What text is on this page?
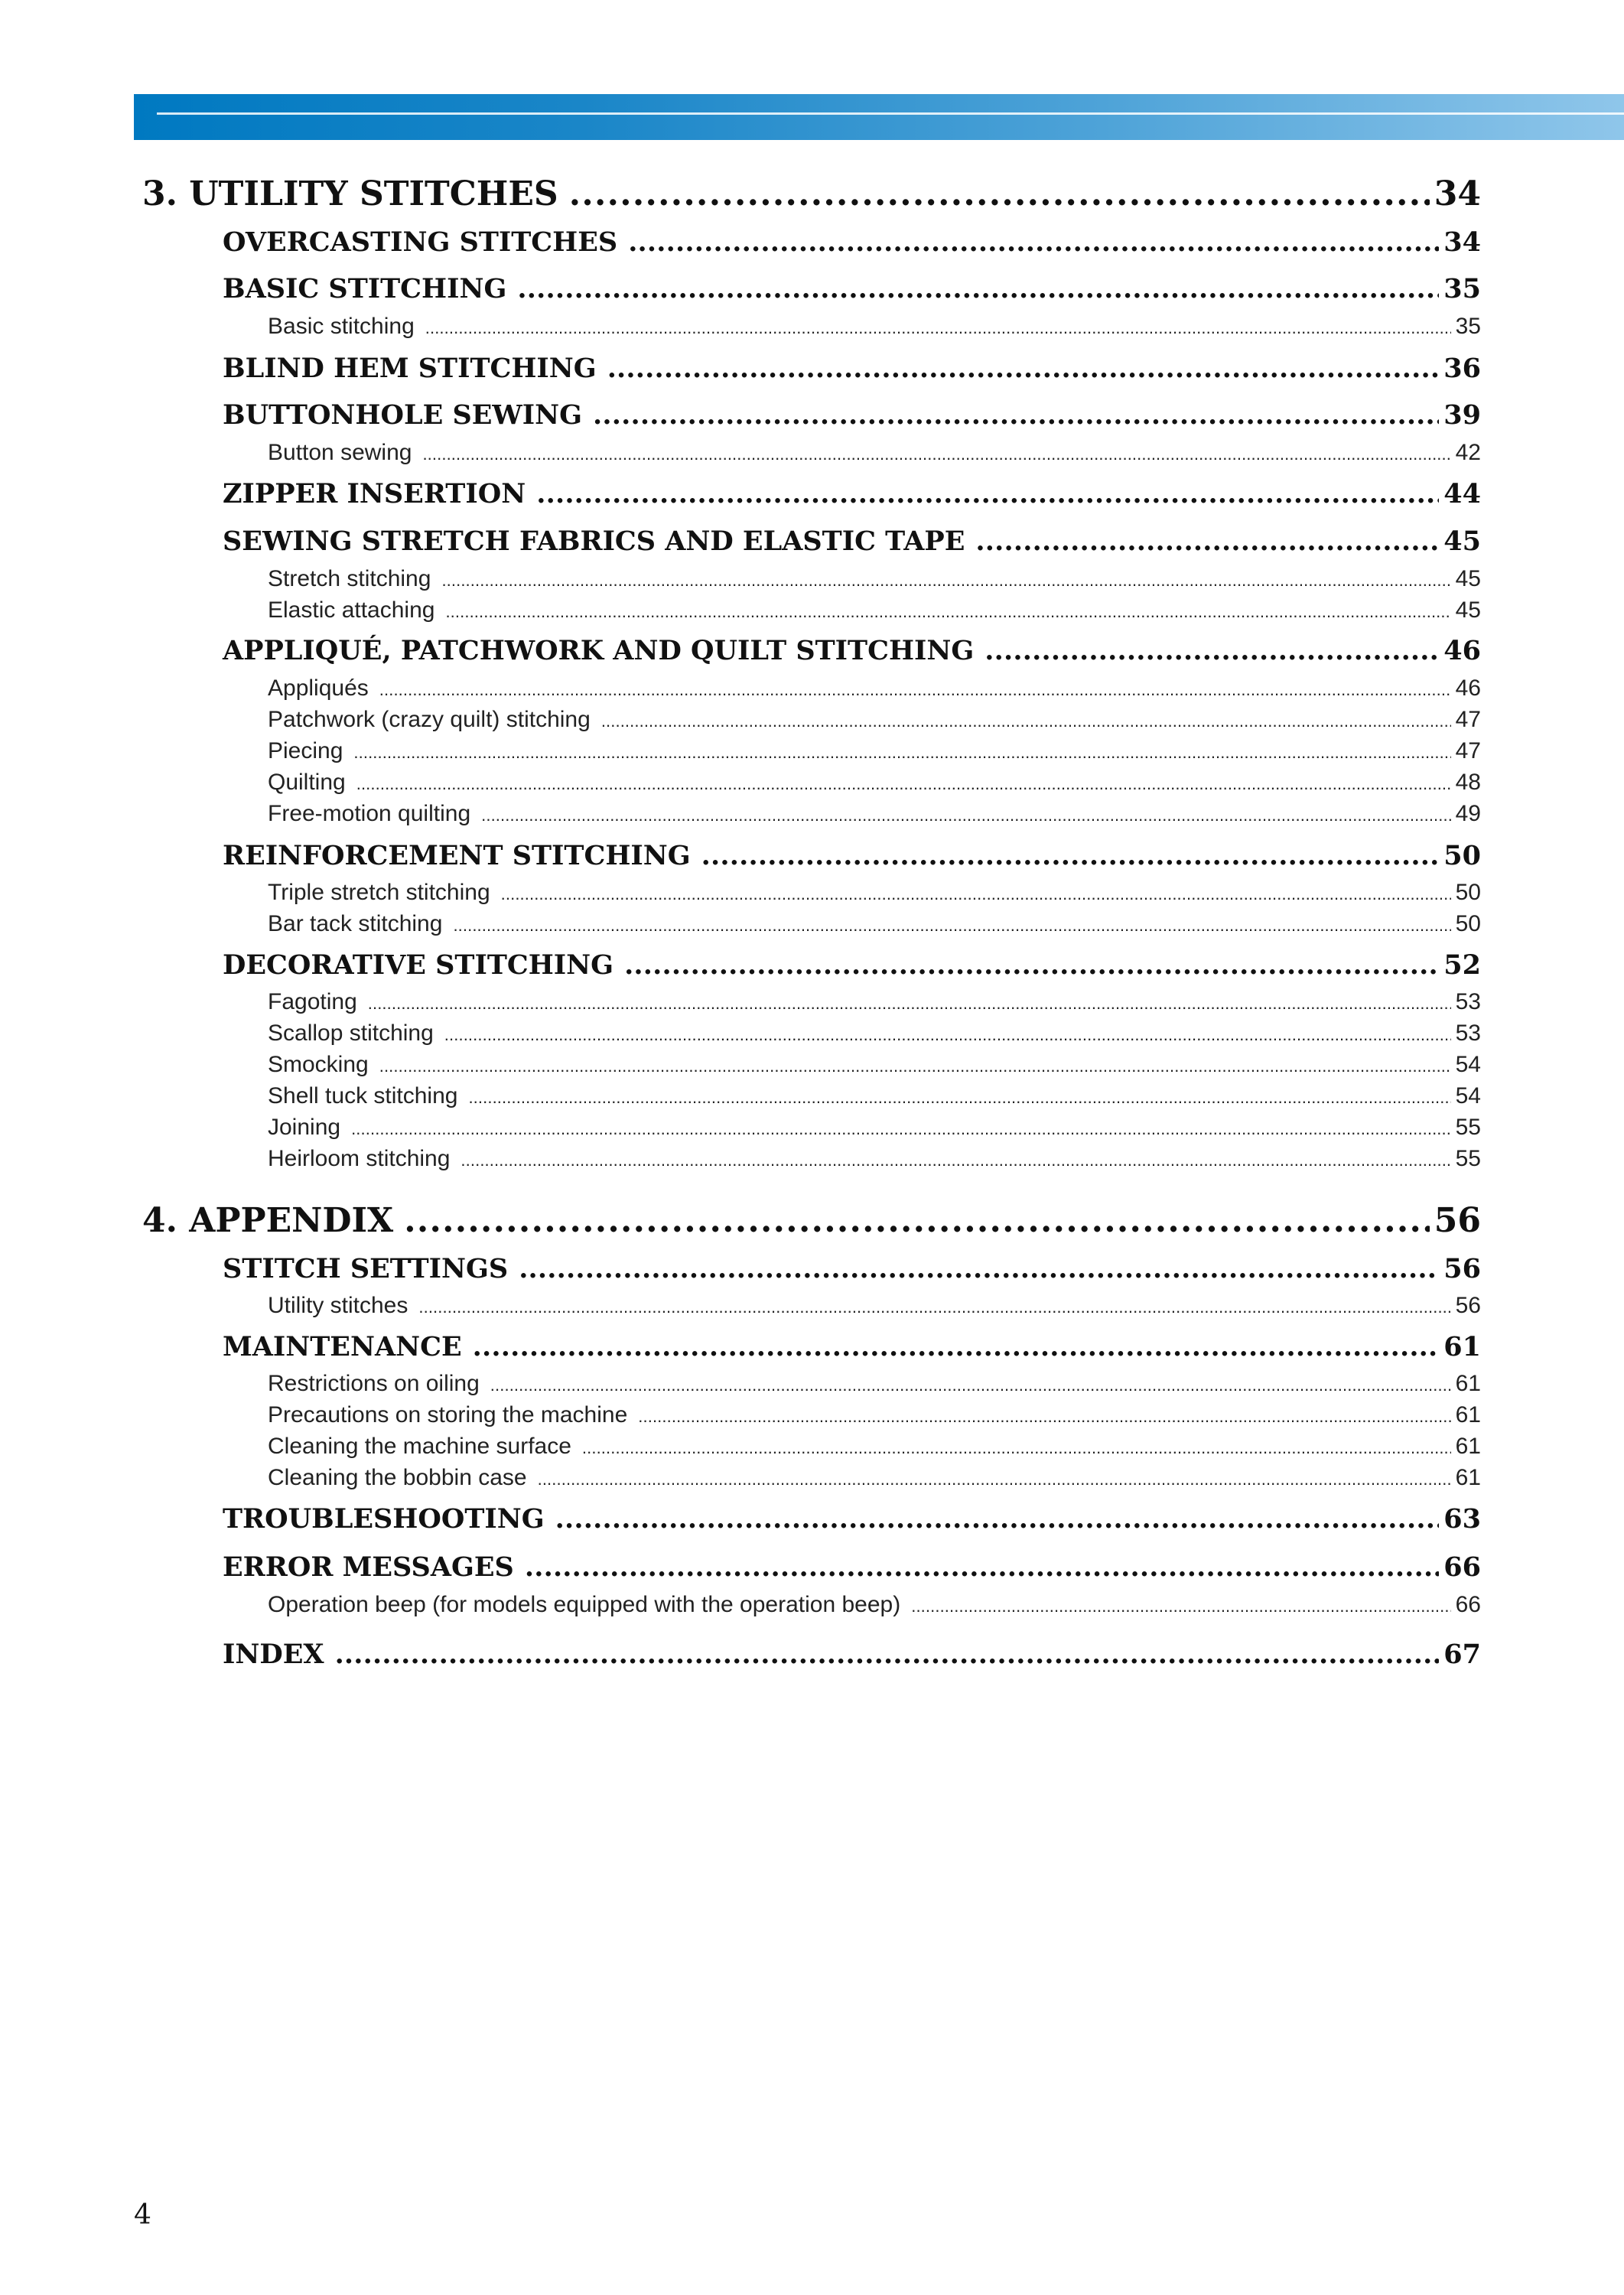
3. UTILITY STITCHES . . .	34
OVERCASTING STITCHES . . .	34
BASIC STITCHING . . .	35
Basic stitching . . .	35
BLIND HEM STITCHING . . .	36
BUTTONHOLE SEWING . . .	39
Button sewing . . .	42
ZIPPER INSERTION . . .	44
SEWING STRETCH FABRICS AND ELASTIC TAPE . . .	45
Stretch stitching . . .	45
Elastic attaching . . .	45
APPLIQUÉ, PATCHWORK AND QUILT STITCHING . . .	46
Appliqués . . .	46
Patchwork (crazy quilt) stitching . . .	47
Piecing . . .	47
Quilting . . .	48
Free-motion quilting . . .	49
REINFORCEMENT STITCHING . . .	50
Triple stretch stitching . . .	50
Bar tack stitching . . .	50
DECORATIVE STITCHING . . .	52
Fagoting . . .	53
Scallop stitching . . .	53
Smocking . . .	54
Shell tuck stitching . . .	54
Joining . . .	55
Heirloom stitching . . .	55
4. APPENDIX . . .	56
STITCH SETTINGS . . .	56
Utility stitches . . .	56
MAINTENANCE . . .	61
Restrictions on oiling . . .	61
Precautions on storing the machine . . .	61
Cleaning the machine surface . . .	61
Cleaning the bobbin case . . .	61
TROUBLESHOOTING . . .	63
ERROR MESSAGES . . .	66
Operation beep (for models equipped with the operation beep) . . .	66
INDEX . . .	67
4
